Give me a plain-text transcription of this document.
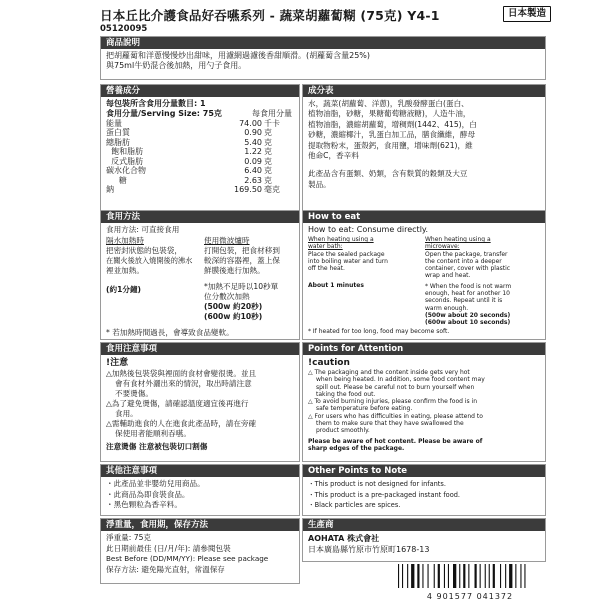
日本丘比介護食品好吞嚥系列 - 蔬菜胡蘿蔔糊 (75克) Y4-1	日本製造
05120095
商品說明
把胡蘿蔔和洋蔥慢慢炒出甜味，用濾網過濾後香甜順滑。(胡蘿蔔含量25%)
與75ml牛奶混合後加熱，用勺子食用。
營養成分
每包裝所含食用分量數目: 1
食用分量/Serving Size: 75克	每食用分量
能量	74.00 千卡
蛋白質	0.90 克
總脂肪	5.40 克
飽和脂肪	1.22 克
反式脂肪	0.09 克
碳水化合物	6.40 克
糖	2.63 克
鈉	169.50 毫克
成分表
水，蔬菜(胡蘿蔔、洋蔥)，乳酸發酵蛋白(蛋白、
植物油脂，砂糖，果糖葡萄糖液糖)，人造牛油，
植物油脂，濃縮胡蘿蔔，增稠劑(1442、415)，白
砂糖，濃縮椰汁，乳蛋白加工品，膳食纖維，酵母
提取物粉末，蛋殼鈣，食用鹽，增味劑(621)，維
他命C，香辛料
此產品含有蛋類、奶類，含有麩質的穀類及大豆
製品。
食用方法
食用方法: 可直接食用
隔水加熱時
把密封狀態的包裝袋，
在關火後放入燒開後的沸水
裡並加熱。
(約1分鐘)
使用微波爐時
打開包裝，把食材移到
較深的容器裡，蓋上保
鮮膜後進行加熱。
*加熱不足時以10秒單
位分數次加熱
(500w 約20秒)
(600w 約10秒)
* 若加熱時間過長，會導致食品變軟。
How to eat
How to eat: Consume directly.
When heating using a
water bath:
Place the sealed package
into boiling water and turn
off the heat.
About 1 minutes
When heating using a
microwave:
Open the package, transfer
the content into a deeper
container, cover with plastic
wrap and heat.
* When the food is not warm
enough, heat for another 10
seconds. Repeat until it is
warm enough.
(500w about 20 seconds)
(600w about 10 seconds)
* If heated for too long, food may become soft.
食用注意事項
!注意
△加熱後包裝袋與裡面的食材會變很燙。並且
會有食材外灑出來的情況，取出時請注意
不要燙傷。
△為了避免燙傷，請確認溫度適宜後再進行
食用。
△需輔助進食的人在進食此產品時，請在旁確
保使用者能順利吞嚥。
注意燙傷 注意被包裝切口割傷
Points for Attention
!caution
△ The packaging and the content inside gets very hot
when being heated. In addition, some food content may
spill out. Please be careful not to burn yourself when
taking the food out.
△ To avoid burning injuries, please confirm the food is in
safe temperature before eating.
△ For users who has difficulties in eating, please attend to
them to make sure that they have swallowed the
product smoothly.
Please be aware of hot content. Please be aware of
sharp edges of the package.
其他注意事項
・此產品並非嬰幼兒用商品。
・此商品為即食裝食品。
・黑色顆粒為香辛料。
Other Points to Note
・This product is not designed for infants.
・This product is a pre-packaged instant food.
・Black particles are spices.
淨重量，食用期，保存方法
淨重量: 75克
此日期前最佳 (日/月/年): 請參閱包裝
Best Before (DD/MM/YY): Please see package
保存方法: 避免陽光直射，常溫保存
生產商
AOHATA 株式會社
日本廣島縣竹原市竹原町1678-13
4 901577 041372
